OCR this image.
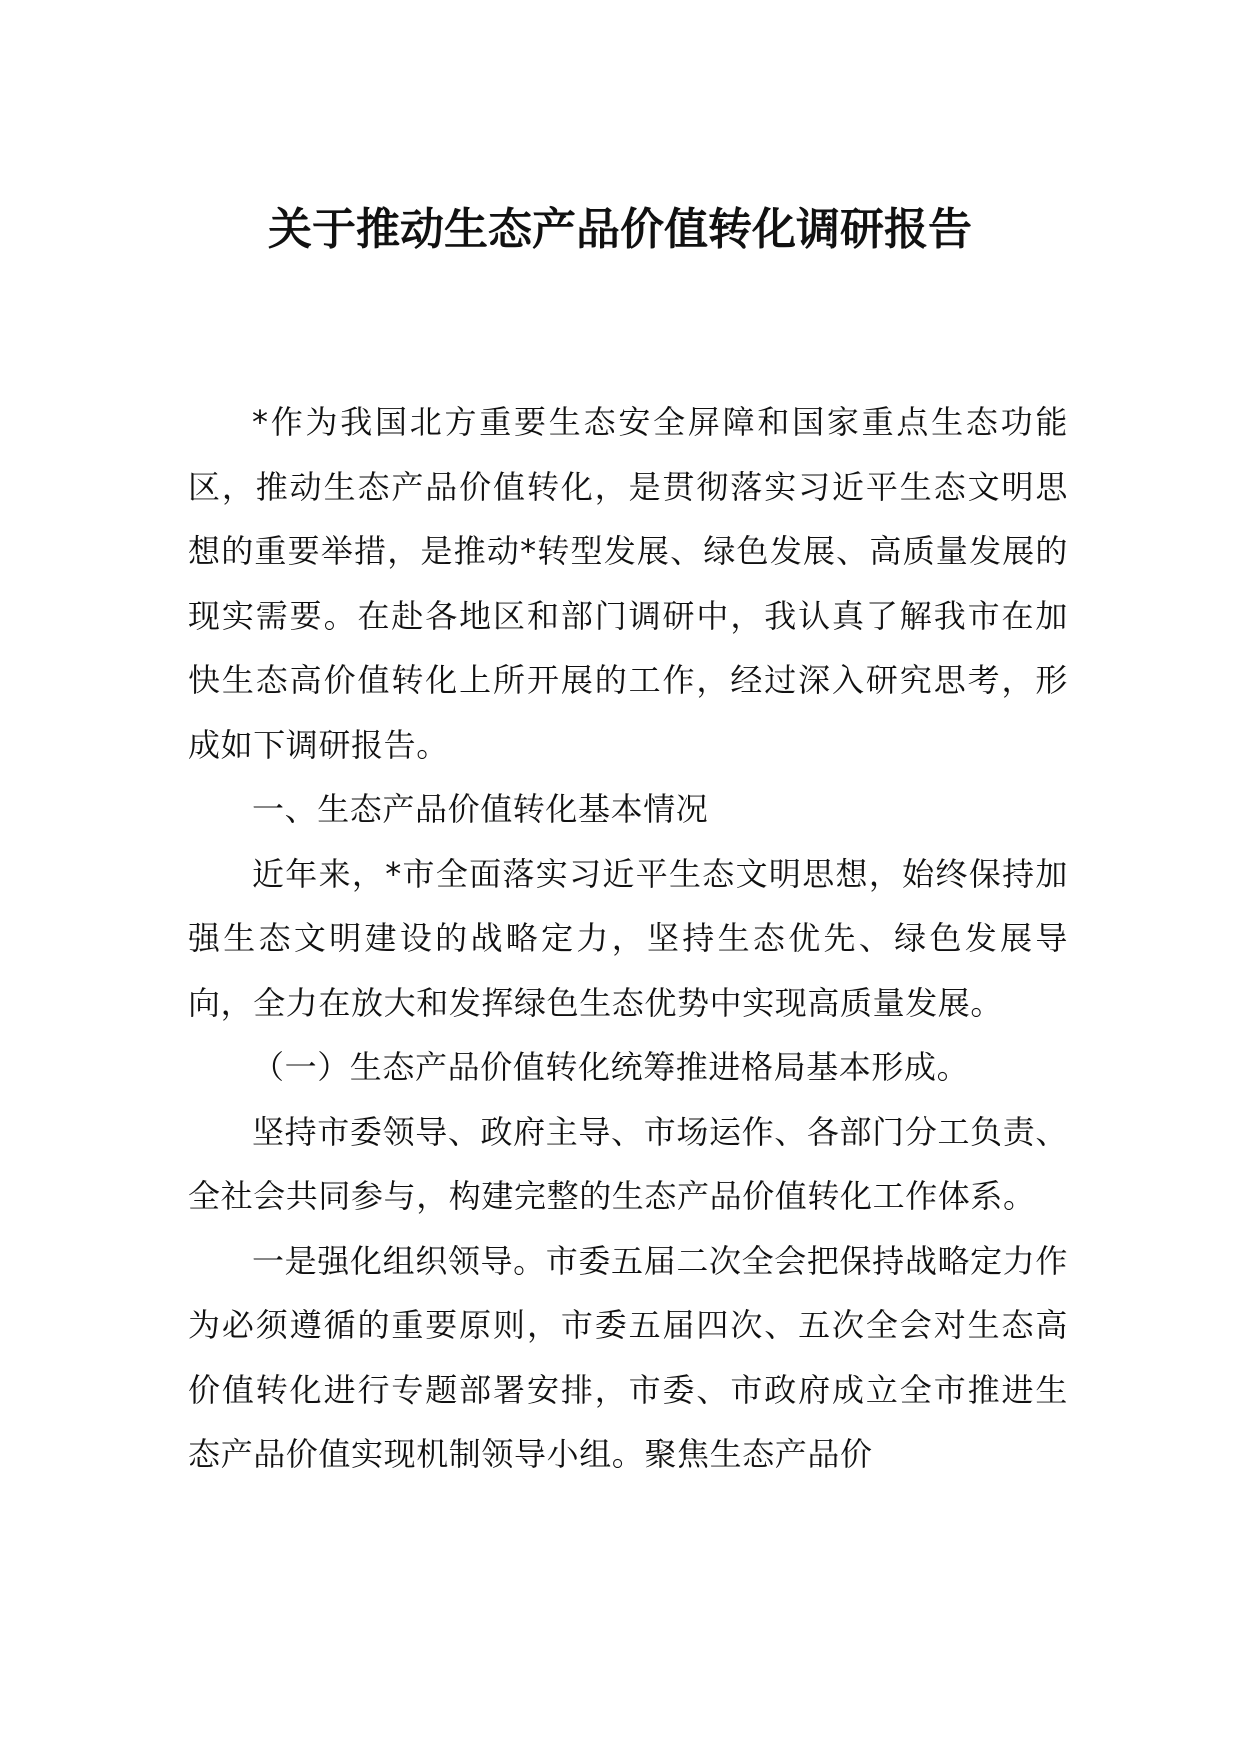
关于推动生态产品价值转化调研报告

*作为我国北方重要生态安全屏障和国家重点生态功能区，推动生态产品价值转化，是贯彻落实习近平生态文明思想的重要举措，是推动*转型发展、绿色发展、高质量发展的现实需要。在赴各地区和部门调研中，我认真了解我市在加快生态高价值转化上所开展的工作，经过深入研究思考，形成如下调研报告。

一、生态产品价值转化基本情况

近年来，*市全面落实习近平生态文明思想，始终保持加强生态文明建设的战略定力，坚持生态优先、绿色发展导向，全力在放大和发挥绿色生态优势中实现高质量发展。

（一）生态产品价值转化统筹推进格局基本形成。

坚持市委领导、政府主导、市场运作、各部门分工负责、全社会共同参与，构建完整的生态产品价值转化工作体系。

一是强化组织领导。市委五届二次全会把保持战略定力作为必须遵循的重要原则，市委五届四次、五次全会对生态高价值转化进行专题部署安排，市委、市政府成立全市推进生态产品价值实现机制领导小组。聚焦生态产品价
